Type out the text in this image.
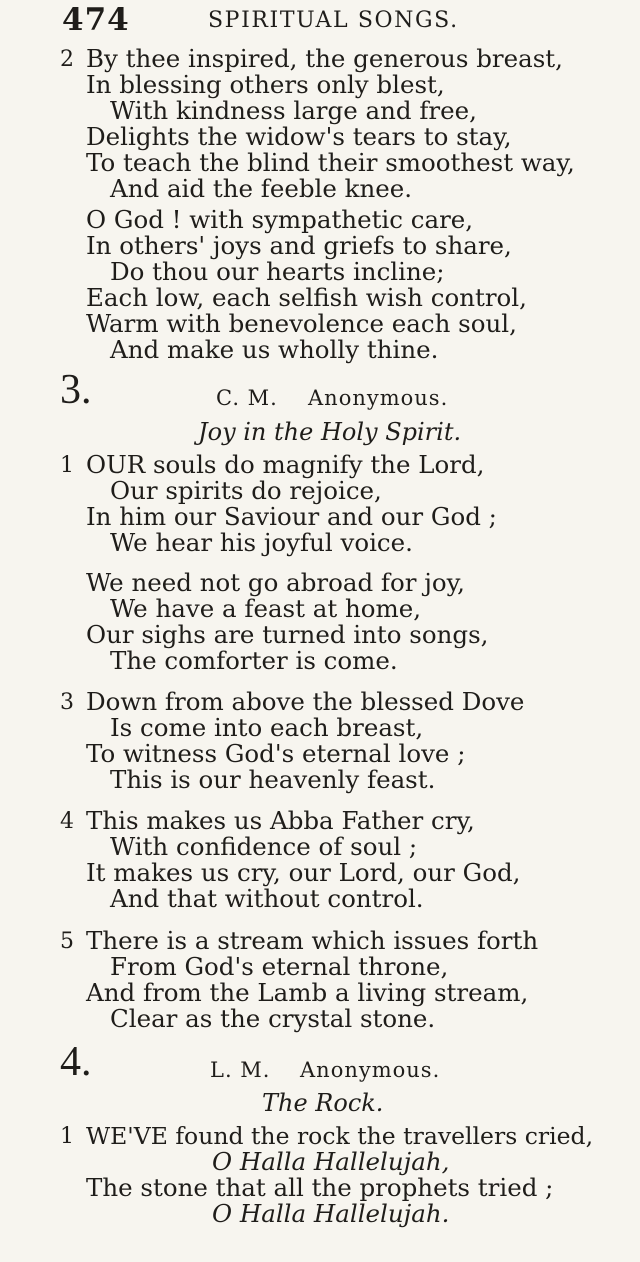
474	SPIRITUAL SONGS.
2 By thee inspired, the generous breast,
In blessing others only blest,
With kindness large and free,
Delights the widow's tears to stay,
To teach the blind their smoothest way,
And aid the feeble knee.
O God ! with sympathetic care,
In others' joys and griefs to share,
Do thou our hearts incline;
Each low, each selfish wish control,
Warm with benevolence each soul,
And make us wholly thine.
3.	C. M. Anonymous.
Joy in the Holy Spirit.
1 OUR souls do magnify the Lord,
Our spirits do rejoice,
In him our Saviour and our God ;
We hear his joyful voice.
We need not go abroad for joy,
We have a feast at home,
Our sighs are turned into songs,
The comforter is come.
3 Down from above the blessed Dove
Is come into each breast,
To witness God's eternal love ;
This is our heavenly feast.
4 This makes us Abba Father cry,
With confidence of soul ;
It makes us cry, our Lord, our God,
And that without control.
5 There is a stream which issues forth
From God's eternal throne,
And from the Lamb a living stream,
Clear as the crystal stone.
4.	L. M. Anonymous.
The Rock.
1 WE'VE found the rock the travellers cried,
O Halla Hallelujah,
The stone that all the prophets tried ;
O Halla Hallelujah.
